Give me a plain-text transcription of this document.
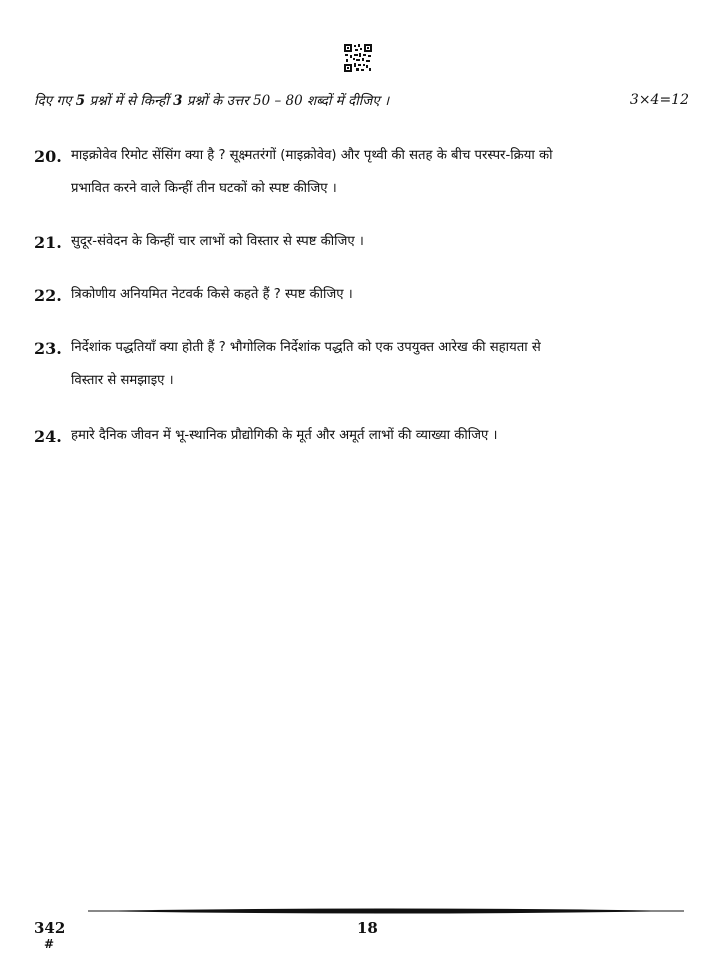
दिए गए 5 प्रश्नों में से किन्हीं 3 प्रश्नों के उत्तर 50 – 80 शब्दों में दीजिए ।	3×4=12
20. माइक्रोवेव रिमोट सेंसिंग क्या है ? सूक्ष्मतरंगों (माइक्रोवेव) और पृथ्वी की सतह के बीच परस्पर-क्रिया को
प्रभावित करने वाले किन्हीं तीन घटकों को स्पष्ट कीजिए ।
21. सुदूर-संवेदन के किन्हीं चार लाभों को विस्तार से स्पष्ट कीजिए ।
22. त्रिकोणीय अनियमित नेटवर्क किसे कहते हैं ? स्पष्ट कीजिए ।
23. निर्देशांक पद्धतियाँ क्या होती हैं ? भौगोलिक निर्देशांक पद्धति को एक उपयुक्त आरेख की सहायता से
विस्तार से समझाइए ।
24. हमारे दैनिक जीवन में भू-स्थानिक प्रौद्योगिकी के मूर्त और अमूर्त लाभों की व्याख्या कीजिए ।
342
#
18
